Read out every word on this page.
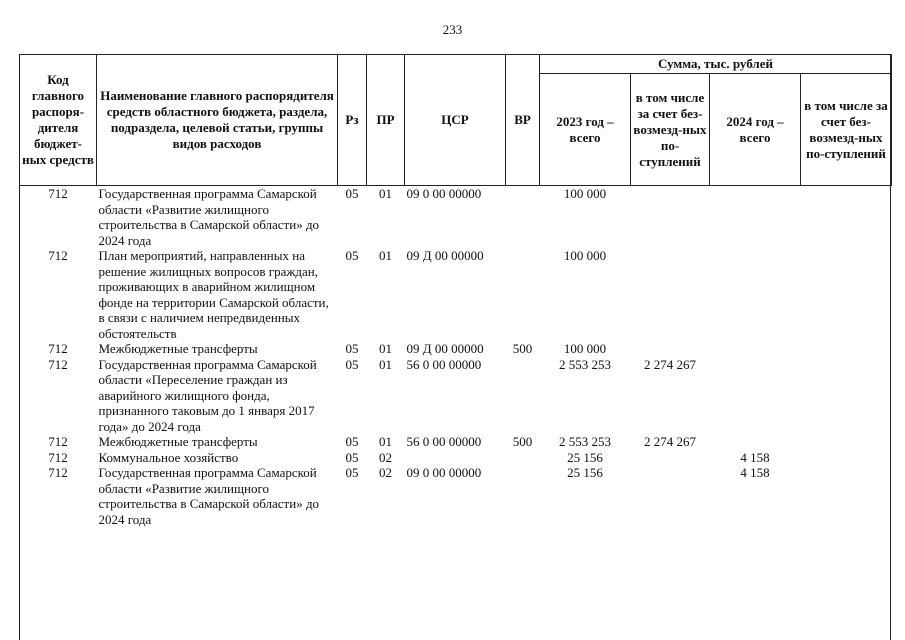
233
Код главного распоря-дителя бюджет-ных средств	Наименование главного распорядителя средств областного бюджета, раздела, подраздела, целевой статьи, группы видов расходов	Рз	ПР	ЦСР	ВР	Сумма, тыс. рублей			
						2023 год – всего	в том числе за счет без-возмезд-ных по-ступлений	2024 год – всего	в том числе за счет без-возмезд-ных по-ступлений
712	Государственная программа Самарской области «Развитие жилищного строительства в Самарской области» до 2024 года	05	01	09 0 00 00000		100 000			
712	План мероприятий, направленных на решение жилищных вопросов граждан, проживающих в аварийном жилищном фонде на территории Самарской области, в связи с наличием непредвиденных обстоятельств	05	01	09 Д 00 00000		100 000			
712	Межбюджетные трансферты	05	01	09 Д 00 00000	500	100 000			
712	Государственная программа Самарской области «Переселение граждан из аварийного жилищного фонда, признанного таковым до 1 января 2017 года» до 2024 года	05	01	56 0 00 00000		2 553 253	2 274 267		
712	Межбюджетные трансферты	05	01	56 0 00 00000	500	2 553 253	2 274 267		
712	Коммунальное хозяйство	05	02			25 156		4 158	
712	Государственная программа Самарской области «Развитие жилищного строительства в Самарской области» до 2024 года	05	02	09 0 00 00000		25 156		4 158	
